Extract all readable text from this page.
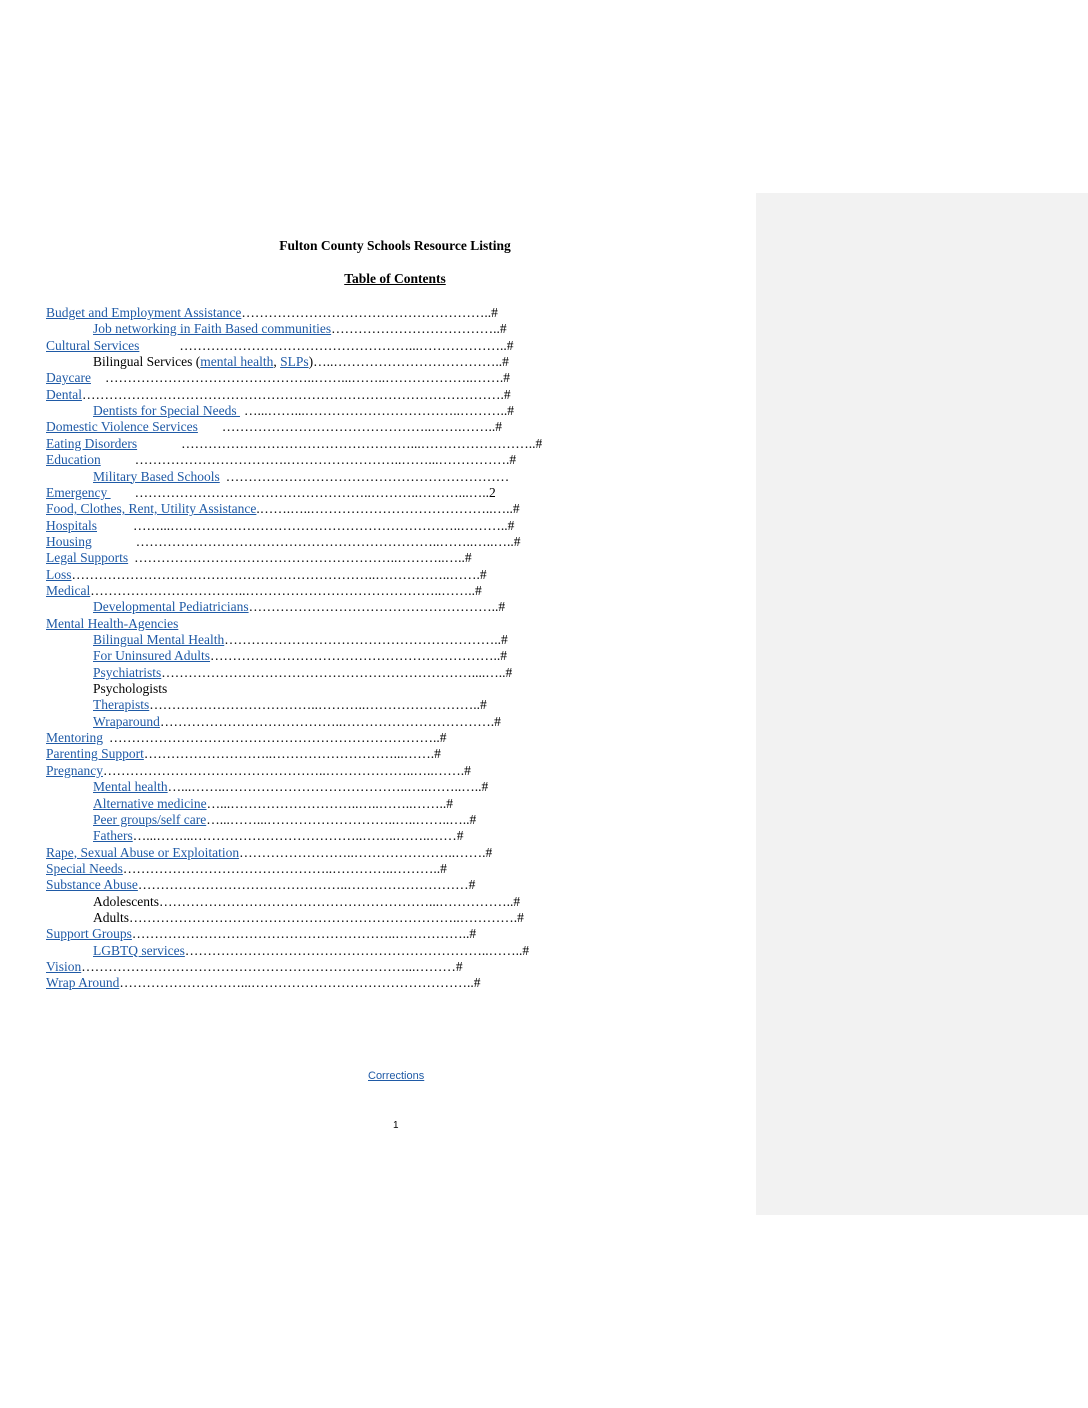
Fulton County Schools Resource Listing
Table of Contents
Budget and Employment Assistance………………………………………………..#
Job networking in Faith Based communities………………………………..#
Cultural Services	……………………………………………...………………..#
Bilingual Services (mental health, SLPs)…..………………………………..#
Daycare ………………………………………..……...……..………………..…….#
Dental………………………………………………………………………………….#
Dentists for Special Needs …...……...……………………………..………..#
Domestic Violence Services ………………………………………..…….……..#
Eating Disorders	……………………………………………...……………………..#
Education	…………………………….……………………..……...…………….#
Military Based Schools ………………………………………………………
Emergency ……………………………………………..………..………...…..2
Food, Clothes, Rent, Utility Assistance.…….…..…………………………………..…..#
Hospitals	……...………………………………………………………..………..#
Housing	…………………………………………………………..……..…..…..#
Legal Supports …………………………………………………..………..…..#
Loss…………………………………………………………..……………..…….#
Medical……………………………..……………………………………..……..#
Developmental Pediatricians………………………………………………..#
Mental Health-Agencies
Bilingual Mental Health……………………………………………………..#
For Uninsured Adults………………………………………………………..#
Psychiatrists……………………………………………………………....…..#
Psychologists
Therapists………………………………..………..……………………..#
Wraparound…………………………………..…………………………….#
Mentoring ………………………………………………………………..#
Parenting Support………………………..………………………...…….#
Pregnancy…………………………………………..………………..…..…….#
Mental health…...……..…………………………………..…..……..…..#
Alternative medicine…...………………………..…..……..……..#
Peer groups/self care…...……...………………………..…..……..…..#
Fathers…...……...………………………………..……..……..……#
Rape, Sexual Abuse or Exploitation……………………..…………………..…….#
Special Needs………………………………………..…………..………..#
Substance Abuse………………………………………..………………………#
Adolescents……………………………………………………...……………..#
Adults………………………………………………………………..………….#
Support Groups…………………………………………………..……………..#
LGBTQ services…………………………………………………………..……..#
Vision………………………………………………………………...………#
Wrap Around………………………...…………………………………………..#
Corrections
1
